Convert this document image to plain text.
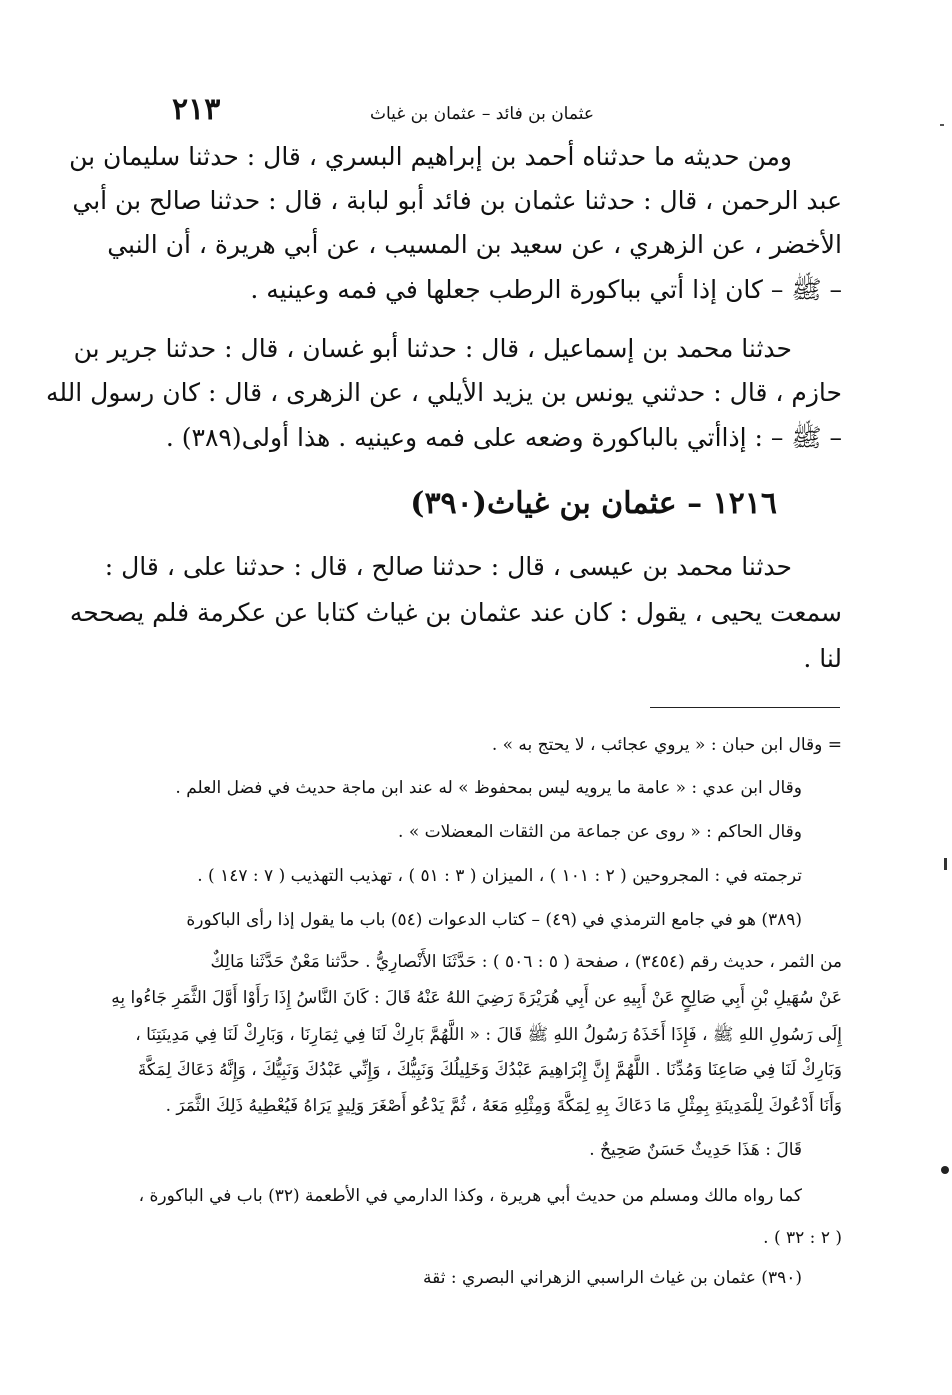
٢١٣	عثمان بن فائد – عثمان بن غياث
ومن حديثه ما حدثناه أحمد بن إبراهيم البسري ، قال : حدثنا سليمان بن
عبد الرحمن ، قال : حدثنا عثمان بن فائد أبو لبابة ، قال : حدثنا صالح بن أبي
الأخضر ، عن الزهري ، عن سعيد بن المسيب ، عن أبي هريرة ، أن النبي
– ﷺ – كان إذا أتي بباكورة الرطب جعلها في فمه وعينيه .
حدثنا محمد بن إسماعيل ، قال : حدثنا أبو غسان ، قال : حدثنا جرير بن
حازم ، قال : حدثني يونس بن يزيد الأيلي ، عن الزهرى ، قال : كان رسول الله
– ﷺ – : إذاأتي بالباكورة وضعه على فمه وعينيه . هذا أولى(٣٨٩) .
١٢١٦ – عثمان بن غياث(٣٩٠)
حدثنا محمد بن عيسى ، قال : حدثنا صالح ، قال : حدثنا على ، قال :
سمعت يحيى ، يقول : كان عند عثمان بن غياث كتابا عن عكرمة فلم يصححه
لنا .
= وقال ابن حبان : « يروي عجائب ، لا يحتج به » .
وقال ابن عدي : « عامة ما يرويه ليس بمحفوظ » له عند ابن ماجة حديث في فضل العلم .
وقال الحاكم : « روى عن جماعة من الثقات المعضلات » .
ترجمته في : المجروحين ( ٢ : ١٠١ ) ، الميزان ( ٣ : ٥١ ) ، تهذيب التهذيب ( ٧ : ١٤٧ ) .
(٣٨٩) هو في جامع الترمذي في (٤٩) – كتاب الدعوات (٥٤) باب ما يقول إذا رأى الباكورة
من الثمر ، حديث رقم (٣٤٥٤) ، صفحة ( ٥ : ٥٠٦ ) : حَدَّثَنَا الأَنْصارِيُّ . حدَّثنا مَعْنٌ حَدَّثَنا مَالِكٌ
عَنْ سُهَيلِ بْنِ أَبِي صَالِحٍ عَنْ أَبِيهِ عن أَبِي هُرَيْرَةَ رَضِيَ اللهُ عَنْهُ قَالَ : كَانَ النَّاسُ إِذَا رَأَوْا أَوَّلَ الثَّمَرِ جَاءُوا بِهِ
إِلَى رَسُولِ اللهِ ﷺ ، فَإِذَا أَخَذَهُ رَسُولُ اللهِ ﷺ قَالَ : « اللَّهُمَّ بَارِكْ لَنَا فِي ثِمَارِنَا ، وَبَارِكْ لَنَا فِي مَدِينَتِنَا ،
وَبَارِكْ لَنَا فِي صَاعِنَا وَمُدِّنَا . اللَّهُمَّ إِنَّ إِبْرَاهِيمَ عَبْدُكَ وَخَلِيلُكَ وَنَبِيُّكَ ، وَإِنِّي عَبْدُكَ وَنَبِيُّكَ ، وَإِنَّهُ دَعَاكَ لِمَكَّةَ
وَأَنَا أَدْعُوكَ لِلْمَدِينَةِ بِمِثْلِ مَا دَعَاكَ بِهِ لِمَكَّةَ وَمِثْلِهِ مَعَهُ ، ثُمَّ يَدْعُو أَصْغَرَ وَلِيدٍ يَرَاهُ فَيُعْطِيهُ ذَلِكَ الثَّمَرَ .
قَالَ : هَذَا حَدِيثٌ حَسَنٌ صَحِيحٌ .
كما رواه مالك ومسلم من حديث أبي هريرة ، وكذا الدارمي في الأطعمة (٣٢) باب في الباكورة ،
( ٢ : ٣٢ ) .
(٣٩٠) عثمان بن غياث الراسبي الزهراني البصري : ثقة
